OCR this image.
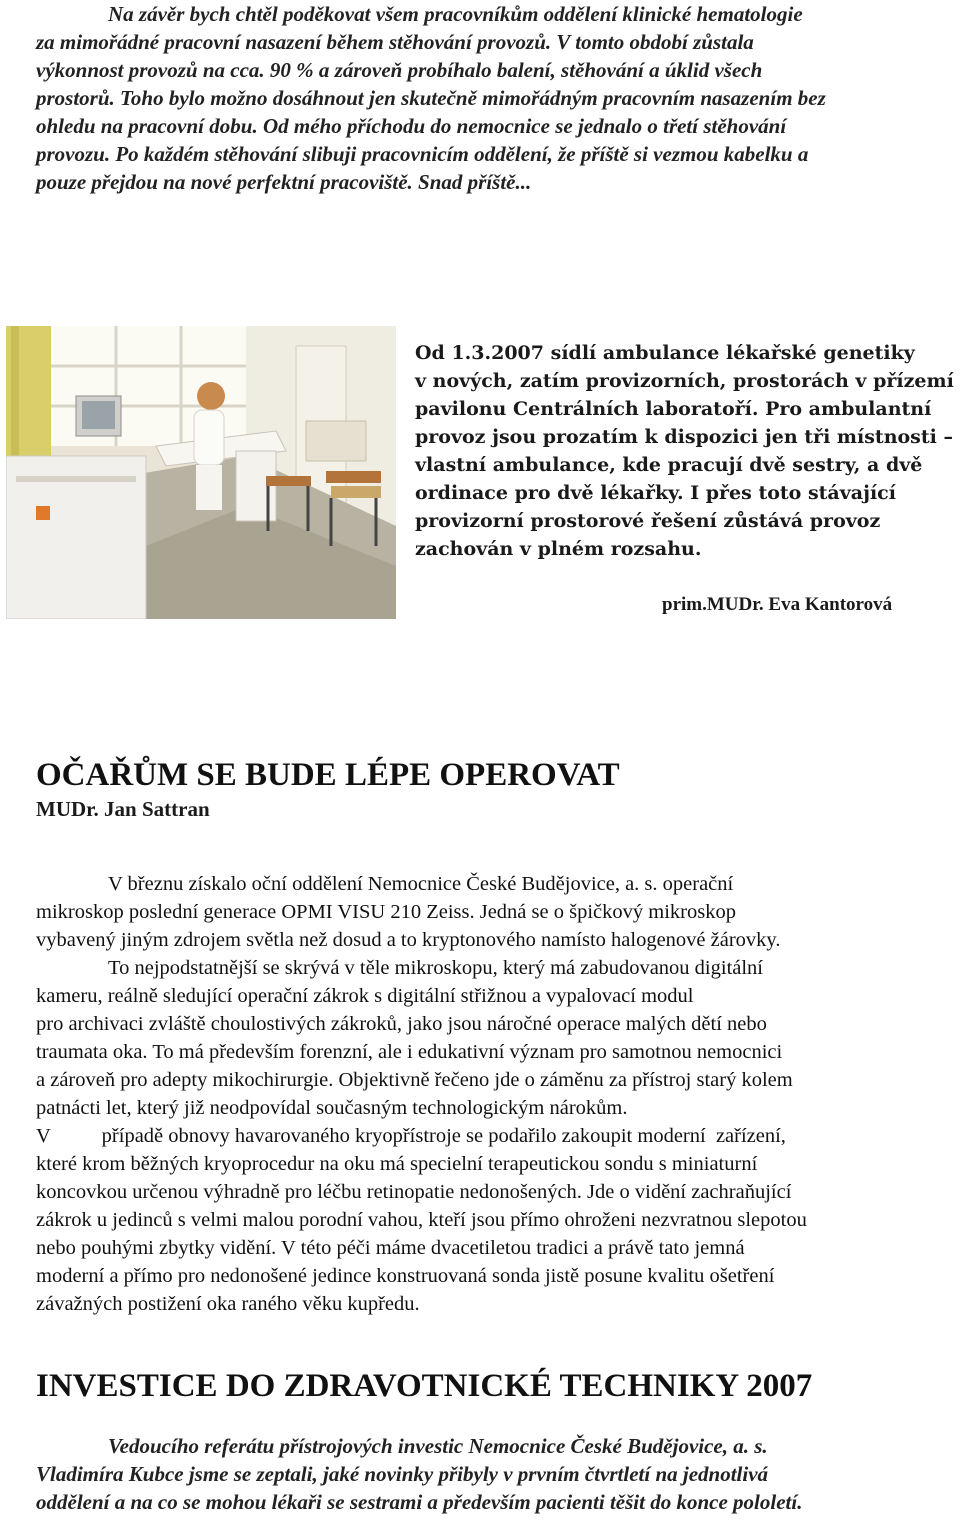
Na závěr bych chtěl poděkovat všem pracovníkům oddělení klinické hematologie
za mimořádné pracovní nasazení během stěhování provozů. V tomto období zůstala
výkonnost provozů na cca. 90 % a zároveň probíhalo balení, stěhování a úklid všech
prostorů. Toho bylo možno dosáhnout jen skutečně mimořádným pracovním nasazením bez
ohledu na pracovní dobu. Od mého příchodu do nemocnice se jednalo o třetí stěhování
provozu. Po každém stěhování slibuji pracovnicím oddělení, že příště si vezmou kabelku a
pouze přejdou na nové perfektní pracoviště. Snad příště...
Od 1.3.2007 sídlí ambulance lékařské genetiky
v nových, zatím provizorních, prostorách v přízemí
pavilonu Centrálních laboratoří. Pro ambulantní
provoz jsou prozatím k dispozici jen tři místnosti –
vlastní ambulance, kde pracují dvě sestry, a dvě
ordinace pro dvě lékařky. I přes toto stávající
provizorní prostorové řešení zůstává provoz
zachován v plném rozsahu.
prim.MUDr. Eva Kantorová
OČAŘŮM SE BUDE LÉPE OPEROVAT
MUDr. Jan Sattran
V březnu získalo oční oddělení Nemocnice České Budějovice, a. s. operační
mikroskop poslední generace OPMI VISU 210 Zeiss. Jedná se o špičkový mikroskop
vybavený jiným zdrojem světla než dosud a to kryptonového namísto halogenové žárovky.
To nejpodstatnější se skrývá v těle mikroskopu, který má zabudovanou digitální
kameru, reálně sledující operační zákrok s digitální střižnou a vypalovací modul
pro archivaci zvláště choulostivých zákroků, jako jsou náročné operace malých dětí nebo
traumata oka. To má především forenzní, ale i edukativní význam pro samotnou nemocnici
a zároveň pro adepty mikochirurgie. Objektivně řečeno jde o záměnu za přístroj starý kolem
patnácti let, který již neodpovídal současným technologickým nárokům.
V          případě obnovy havarovaného kryopřístroje se podařilo zakoupit moderní  zařízení,
které krom běžných kryoprocedur na oku má specielní terapeutickou sondu s miniaturní
koncovkou určenou výhradně pro léčbu retinopatie nedonošených. Jde o vidění zachraňující
zákrok u jedinců s velmi malou porodní vahou, kteří jsou přímo ohroženi nezvratnou slepotou
nebo pouhými zbytky vidění. V této péči máme dvacetiletou tradici a právě tato jemná
moderní a přímo pro nedonošené jedince konstruovaná sonda jistě posune kvalitu ošetření
závažných postižení oka raného věku kupředu.
INVESTICE DO ZDRAVOTNICKÉ TECHNIKY 2007
Vedoucího referátu přístrojových investic Nemocnice České Budějovice, a. s.
Vladimíra Kubce jsme se zeptali, jaké novinky přibyly v prvním čtvrtletí na jednotlivá
oddělení a na co se mohou lékaři se sestrami a především pacienti těšit do konce pololetí.
